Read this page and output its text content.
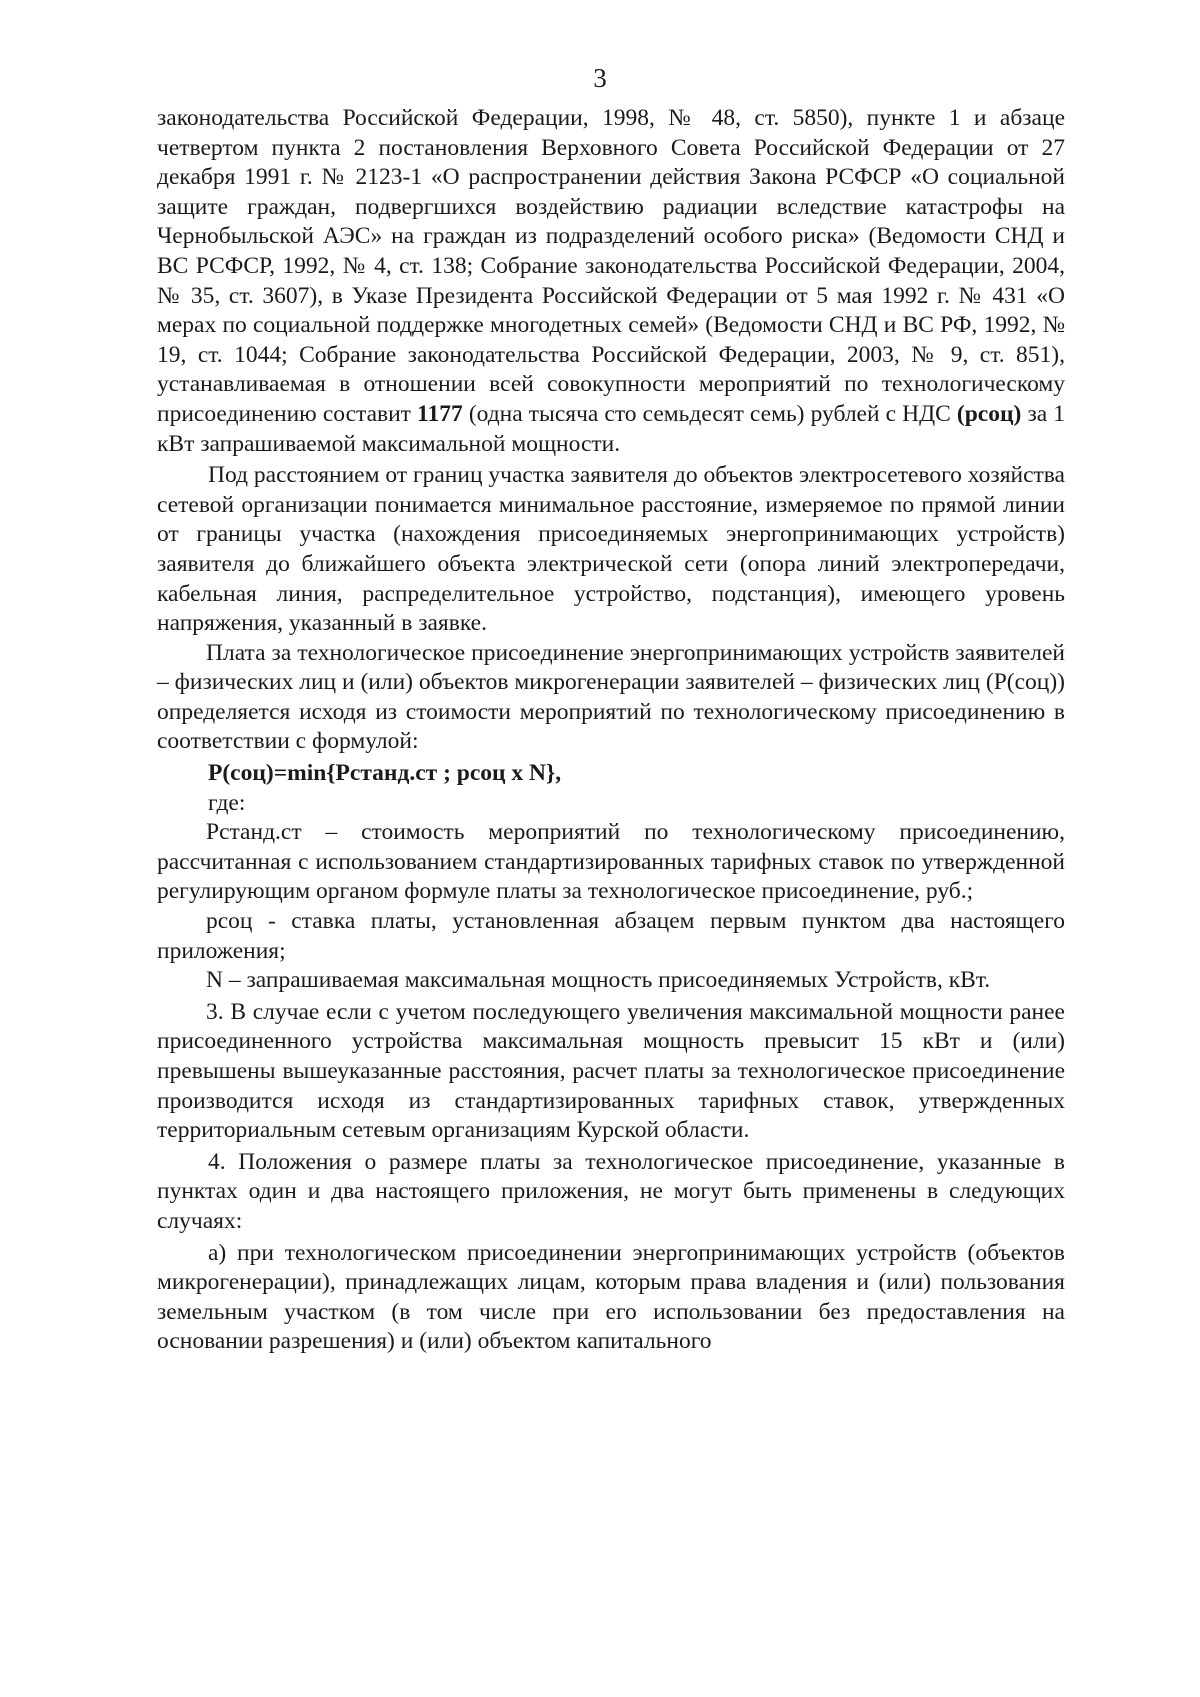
3

законодательства Российской Федерации, 1998, № 48, ст. 5850), пункте 1 и абзаце четвертом пункта 2 постановления Верховного Совета Российской Федерации от 27 декабря 1991 г. № 2123-1 «О распространении действия Закона РСФСР «О социальной защите граждан, подвергшихся воздействию радиации вследствие катастрофы на Чернобыльской АЭС» на граждан из подразделений особого риска» (Ведомости СНД и ВС РСФСР, 1992, № 4, ст. 138; Собрание законодательства Российской Федерации, 2004, № 35, ст. 3607), в Указе Президента Российской Федерации от 5 мая 1992 г. № 431 «О мерах по социальной поддержке многодетных семей» (Ведомости СНД и ВС РФ, 1992, № 19, ст. 1044; Собрание законодательства Российской Федерации, 2003, № 9, ст. 851), устанавливаемая в отношении всей совокупности мероприятий по технологическому присоединению составит 1177 (одна тысяча сто семьдесят семь) рублей с НДС (рсоц) за 1 кВт запрашиваемой максимальной мощности.

Под расстоянием от границ участка заявителя до объектов электросетевого хозяйства сетевой организации понимается минимальное расстояние, измеряемое по прямой линии от границы участка (нахождения присоединяемых энергопринимающих устройств) заявителя до ближайшего объекта электрической сети (опора линий электропередачи, кабельная линия, распределительное устройство, подстанция), имеющего уровень напряжения, указанный в заявке.

Плата за технологическое присоединение энергопринимающих устройств заявителей – физических лиц и (или) объектов микрогенерации заявителей – физических лиц (Р(соц)) определяется исходя из стоимости мероприятий по технологическому присоединению в соответствии с формулой:

Р(соц)=min{Рстанд.ст ; рсоц х N},

где:

Рстанд.ст – стоимость мероприятий по технологическому присоединению, рассчитанная с использованием стандартизированных тарифных ставок по утвержденной регулирующим органом формуле платы за технологическое присоединение, руб.;

рсоц - ставка платы, установленная абзацем первым пунктом два настоящего приложения;

N – запрашиваемая максимальная мощность присоединяемых Устройств, кВт.

3. В случае если с учетом последующего увеличения максимальной мощности ранее присоединенного устройства максимальная мощность превысит 15 кВт и (или) превышены вышеуказанные расстояния, расчет платы за технологическое присоединение производится исходя из стандартизированных тарифных ставок, утвержденных территориальным сетевым организациям Курской области.

4. Положения о размере платы за технологическое присоединение, указанные в пунктах один и два настоящего приложения, не могут быть применены в следующих случаях:

а) при технологическом присоединении энергопринимающих устройств (объектов микрогенерации), принадлежащих лицам, которым права владения и (или) пользования земельным участком (в том числе при его использовании без предоставления на основании разрешения) и (или) объектом капитального
